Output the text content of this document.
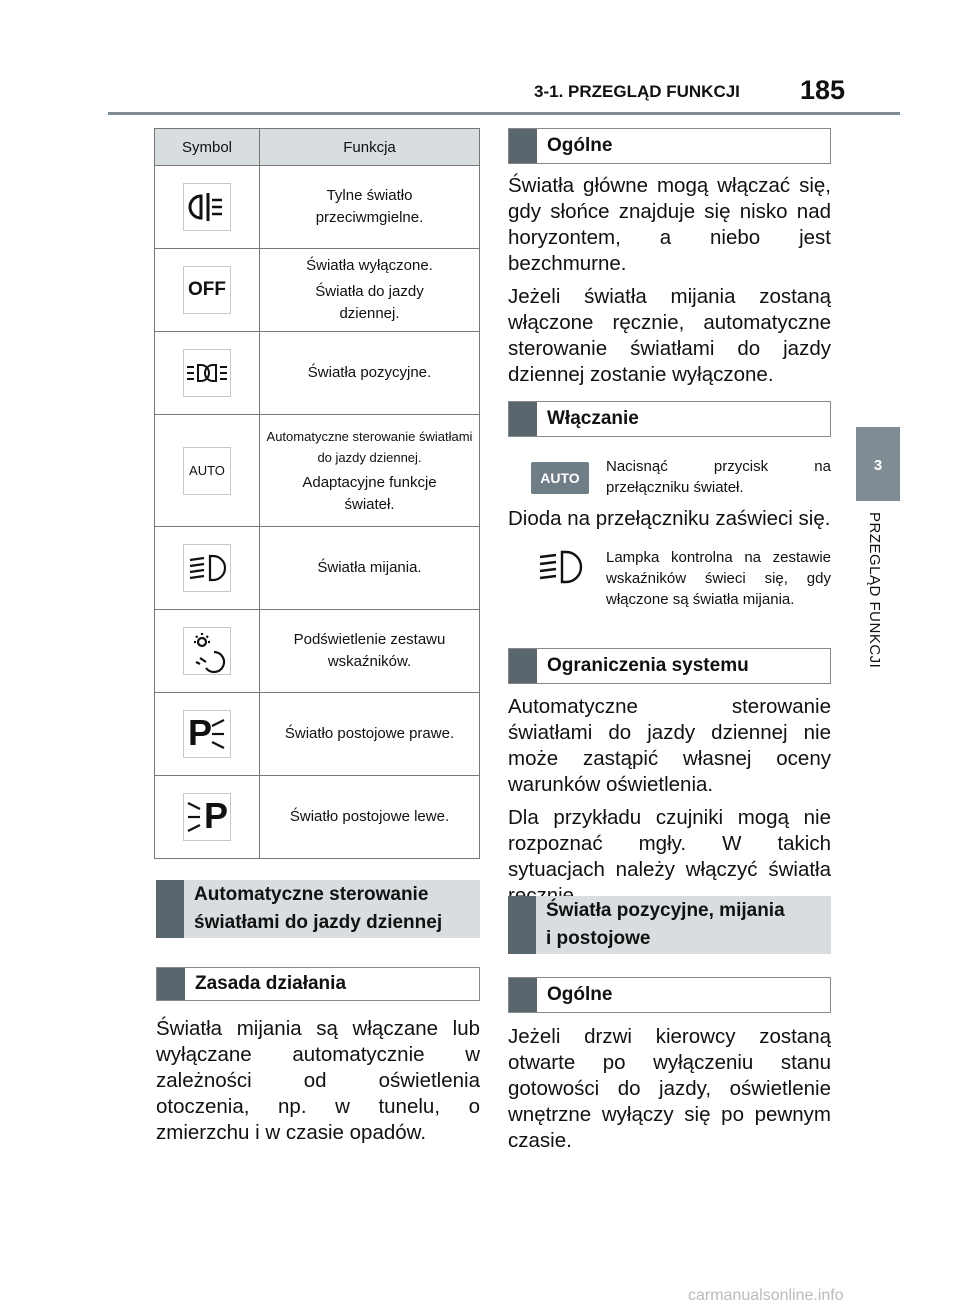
3-1. PRZEGLĄD FUNKCJI 185
3
PRZEGLĄD FUNKCJI
Symbol	Funkcja

Tylne światło
przeciwmgielne.

OFF	Światła wyłączone.
Światła do jazdy dziennej.

Światła pozycyjne.

AUTO	Automatyczne sterowanie światłami do jazdy dziennej.
Adaptacyjne funkcje świateł.

Światła mijania.

Podświetlenie zestawu wskaźników.

P	Światło postojowe prawe.

P	Światło postojowe lewe.
Automatyczne sterowanie
światłami do jazdy dziennej
Zasada działania

Światła mijania są włączane lub wyłączane automatycznie w zależności od oświetlenia otoczenia, np. w tunelu, o zmierzchu i w czasie opadów.

Ogólne

Światła główne mogą włączać się, gdy słońce znajduje się nisko nad horyzontem, a niebo jest bezchmurne.

Jeżeli światła mijania zostaną włączone ręcznie, automatyczne sterowanie światłami do jazdy dziennej zostanie wyłączone.

Włączanie
AUTO
Nacisnąć przycisk na przełączniku świateł.

Dioda na przełączniku zaświeci się.

Lampka kontrolna na zestawie wskaźników świeci się, gdy włączone są światła mijania.
Ograniczenia systemu

Automatyczne sterowanie światłami do jazdy dziennej nie może zastąpić własnej oceny warunków oświetlenia.

Dla przykładu czujniki mogą nie rozpoznać mgły. W takich sytuacjach należy włączyć światła

Światła pozycyjne, mijania
i postojowe
Ogólne

Jeżeli drzwi kierowcy zostaną otwarte po wyłączeniu stanu gotowości do jazdy, oświetlenie wnętrzne wyłączy się po pewnym czasie.

carmanualsonline.info
